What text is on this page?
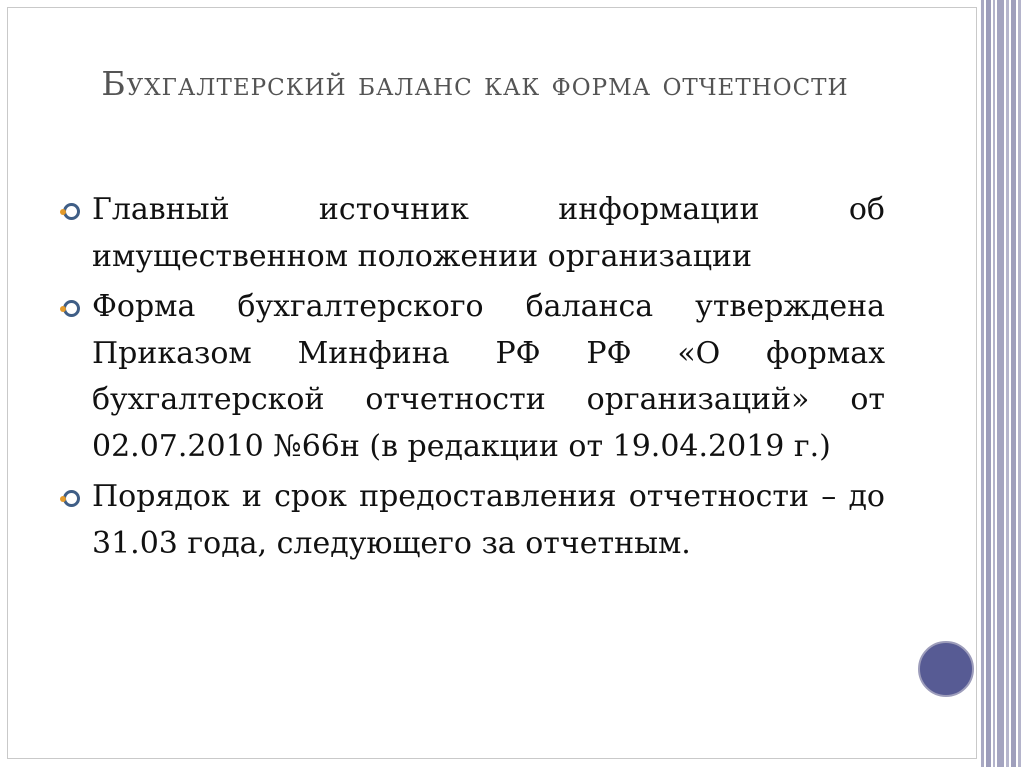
Бухгалтерский баланс как форма отчетности
Главный источник информации об имущественном положении организации
Форма бухгалтерского баланса утверждена Приказом Минфина РФ РФ «О формах бухгалтерской отчетности организаций» от 02.07.2010 №66н (в редакции от 19.04.2019 г.)
Порядок и срок предоставления отчетности – до 31.03 года, следующего за отчетным.
